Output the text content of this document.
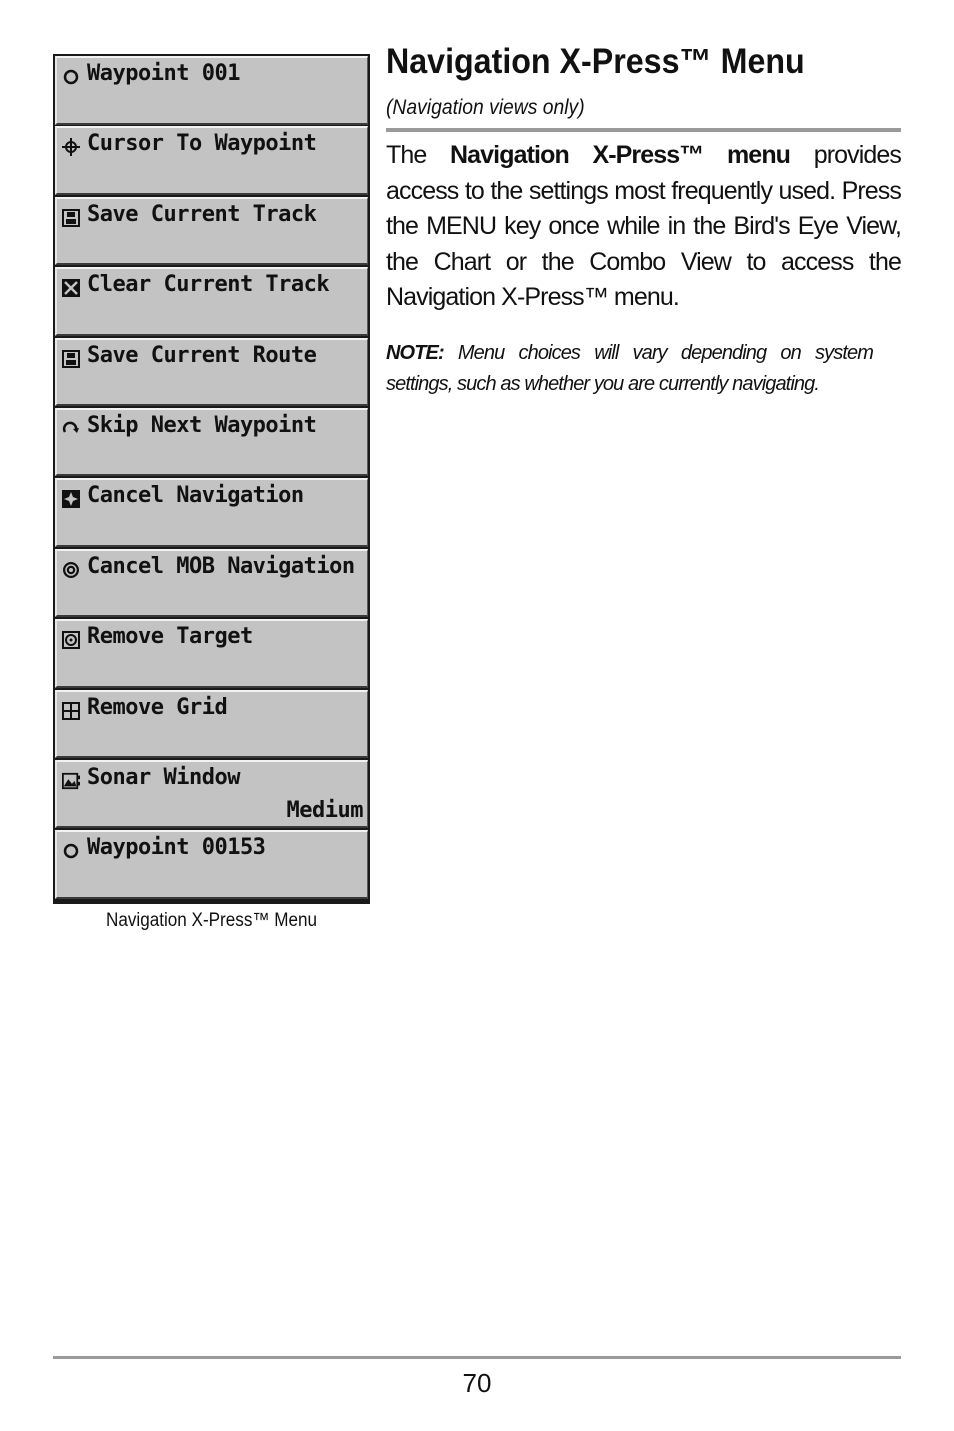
Waypoint 001
Cursor To Waypoint
Save Current Track
Clear Current Track
Save Current Route
Skip Next Waypoint
Cancel Navigation
Cancel MOB Navigation
Remove Target
Remove Grid
Sonar Window
Medium
Waypoint 00153
Navigation X-Press™ Menu
Navigation X-Press™ Menu
(Navigation views only)

The Navigation X-Press™ menu provides access to the settings most frequently used. Press the MENU key once while in the Bird's Eye View, the Chart or the Combo View to access the Navigation X-Press™ menu.

NOTE: Menu choices will vary depending on system settings, such as whether you are currently navigating.

70
